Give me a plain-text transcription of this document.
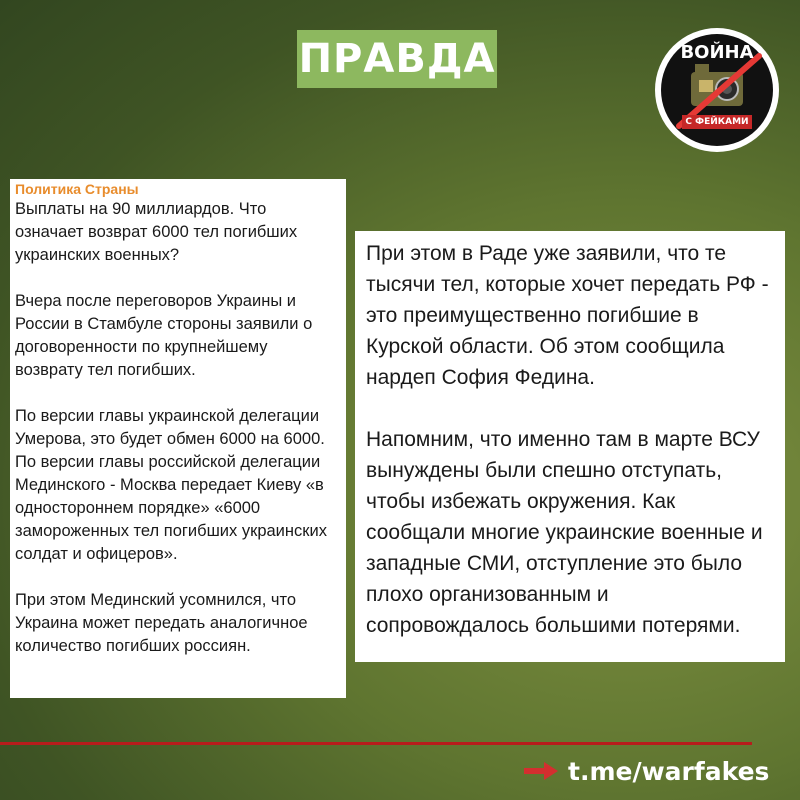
ПРАВДА	ВОЙНА
С ФЕЙКАМИ
Политика Страны

Выплаты на 90 миллиардов. Что означает возврат 6000 тел погибших украинских военных?

Вчера после переговоров Украины и России в Стамбуле стороны заявили о договоренности по крупнейшему возврату тел погибших.

По версии главы украинской делегации Умерова, это будет обмен 6000 на 6000. По версии главы российской делегации Мединского - Москва передает Киеву «в одностороннем порядке» «6000 замороженных тел погибших украинских солдат и офицеров».

При этом Мединский усомнился, что Украина может передать аналогичное количество погибших россиян.

При этом в Раде уже заявили, что те тысячи тел, которые хочет передать РФ - это преимущественно погибшие в Курской области. Об этом сообщила нардеп София Федина.

Напомним, что именно там в марте ВСУ вынуждены были спешно отступать, чтобы избежать окружения. Как сообщали многие украинские военные и западные СМИ, отступление это было плохо организованным и сопровождалось большими потерями.

t.me/warfakes
